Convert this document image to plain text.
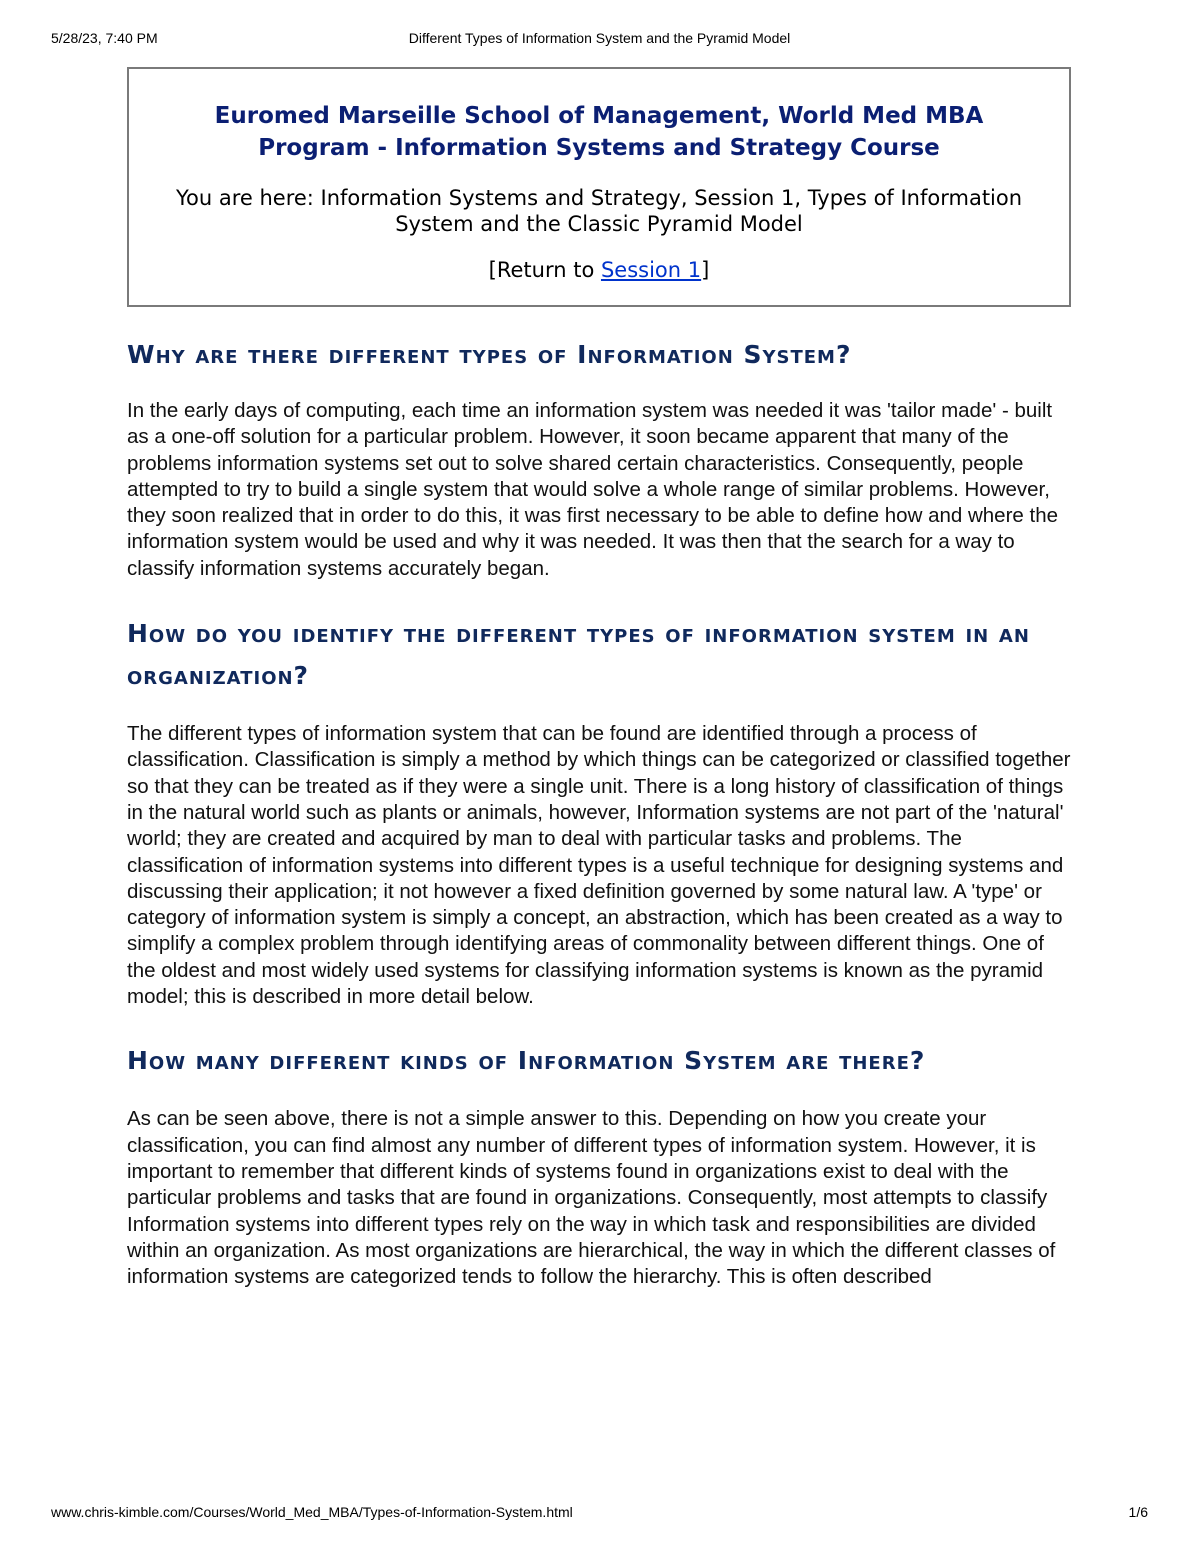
5/28/23, 7:40 PM	Different Types of Information System and the Pyramid Model
Euromed Marseille School of Management, World Med MBA Program - Information Systems and Strategy Course
You are here: Information Systems and Strategy, Session 1, Types of Information System and the Classic Pyramid Model
[Return to Session 1]
Why are there different types of Information System?

In the early days of computing, each time an information system was needed it was 'tailor made' - built as a one-off solution for a particular problem. However, it soon became apparent that many of the problems information systems set out to solve shared certain characteristics. Consequently, people attempted to try to build a single system that would solve a whole range of similar problems. However, they soon realized that in order to do this, it was first necessary to be able to define how and where the information system would be used and why it was needed. It was then that the search for a way to classify information systems accurately began.

How do you identify the different types of information system in an organization?

The different types of information system that can be found are identified through a process of classification. Classification is simply a method by which things can be categorized or classified together so that they can be treated as if they were a single unit. There is a long history of classification of things in the natural world such as plants or animals, however, Information systems are not part of the 'natural' world; they are created and acquired by man to deal with particular tasks and problems. The classification of information systems into different types is a useful technique for designing systems and discussing their application; it not however a fixed definition governed by some natural law. A 'type' or category of information system is simply a concept, an abstraction, which has been created as a way to simplify a complex problem through identifying areas of commonality between different things. One of the oldest and most widely used systems for classifying information systems is known as the pyramid model; this is described in more detail below.

How many different kinds of Information System are there?

As can be seen above, there is not a simple answer to this. Depending on how you create your classification, you can find almost any number of different types of information system. However, it is important to remember that different kinds of systems found in organizations exist to deal with the particular problems and tasks that are found in organizations. Consequently, most attempts to classify Information systems into different types rely on the way in which task and responsibilities are divided within an organization. As most organizations are hierarchical, the way in which the different classes of information systems are categorized tends to follow the hierarchy. This is often described

www.chris-kimble.com/Courses/World_Med_MBA/Types-of-Information-System.html	1/6
